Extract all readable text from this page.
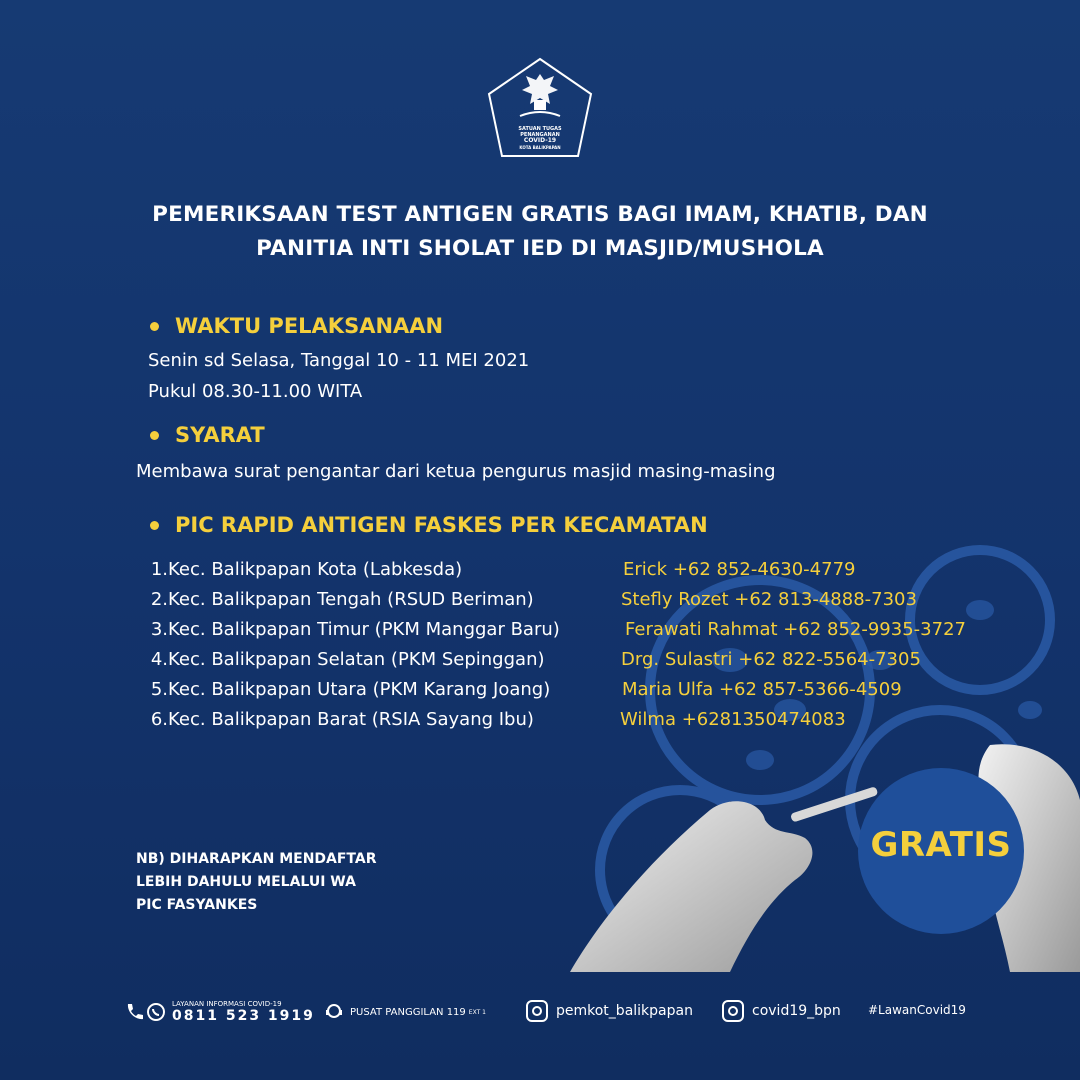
SATUAN TUGAS
PENANGANAN
COVID-19
KOTA BALIKPAPAN
PEMERIKSAAN TEST ANTIGEN GRATIS BAGI IMAM, KHATIB, DAN
PANITIA INTI SHOLAT IED DI MASJID/MUSHOLA
WAKTU PELAKSANAAN
Senin sd Selasa, Tanggal 10 - 11 MEI 2021
Pukul 08.30-11.00 WITA
SYARAT
Membawa surat pengantar dari ketua pengurus masjid masing-masing
PIC RAPID ANTIGEN FASKES PER KECAMATAN
1.Kec. Balikpapan Kota (Labkesda)	Erick +62 852-4630-4779
2.Kec. Balikpapan Tengah (RSUD Beriman)	Stefly Rozet +62 813-4888-7303
3.Kec. Balikpapan Timur (PKM Manggar Baru)	Ferawati Rahmat +62 852-9935-3727
4.Kec. Balikpapan Selatan (PKM Sepinggan)	Drg. Sulastri +62 822-5564-7305
5.Kec. Balikpapan Utara (PKM Karang Joang)	Maria Ulfa +62 857-5366-4509
6.Kec. Balikpapan Barat (RSIA Sayang Ibu)	Wilma +6281350474083
NB) DIHARAPKAN MENDAFTAR
LEBIH DAHULU MELALUI WA
PIC FASYANKES
GRATIS
LAYANAN INFORMASI COVID-19
0811 523 1919	PUSAT PANGGILAN 119 EXT 1	pemkot_balikpapan	covid19_bpn #LawanCovid19
